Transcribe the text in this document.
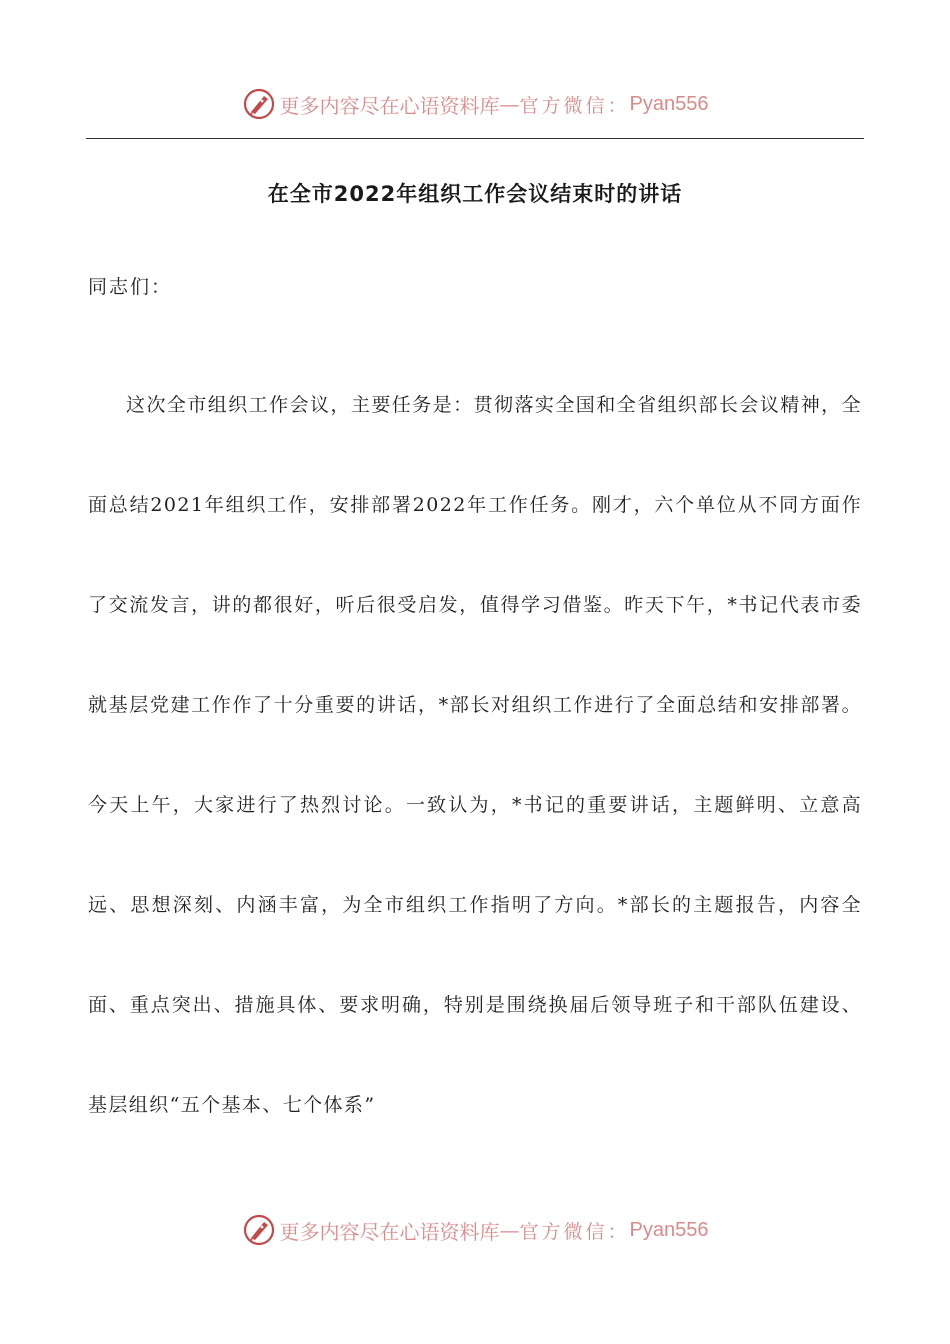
更多内容尽在心语资料库 — 官方微信： Pyan556
在全市2022年组织工作会议结束时的讲话
同志们：

这次全市组织工作会议，主要任务是：贯彻落实全国和全省组织部长会议精神，全面总结2021年组织工作，安排部署2022年工作任务。刚才，六个单位从不同方面作了交流发言，讲的都很好，听后很受启发，值得学习借鉴。昨天下午，*书记代表市委就基层党建工作作了十分重要的讲话，*部长对组织工作进行了全面总结和安排部署。今天上午，大家进行了热烈讨论。一致认为，*书记的重要讲话，主题鲜明、立意高远、思想深刻、内涵丰富，为全市组织工作指明了方向。*部长的主题报告，内容全面、重点突出、措施具体、要求明确，特别是围绕换届后领导班子和干部队伍建设、基层组织“五个基本、七个体系”

更多内容尽在心语资料库 — 官方微信： Pyan556
